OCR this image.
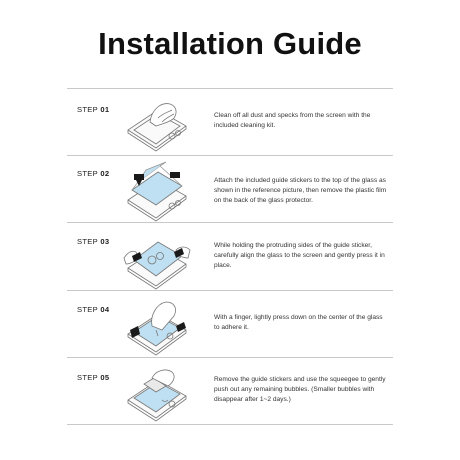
Installation Guide
STEP 01
Clean off all dust and specks from the screen with the included cleaning kit.
STEP 02
Attach the included guide stickers to the top of the glass as shown in the reference picture, then remove the plastic film on the back of the glass protector.
STEP 03	While holding the protruding sides of the guide sticker, carefully align the glass to the screen and gently press it in place.
STEP 04
With a finger, lightly press down on the center of the glass to adhere it.
STEP 05	Remove the guide stickers and use the squeegee to gently push out any remaining bubbles. (Smaller bubbles with disappear after 1~2 days.)
